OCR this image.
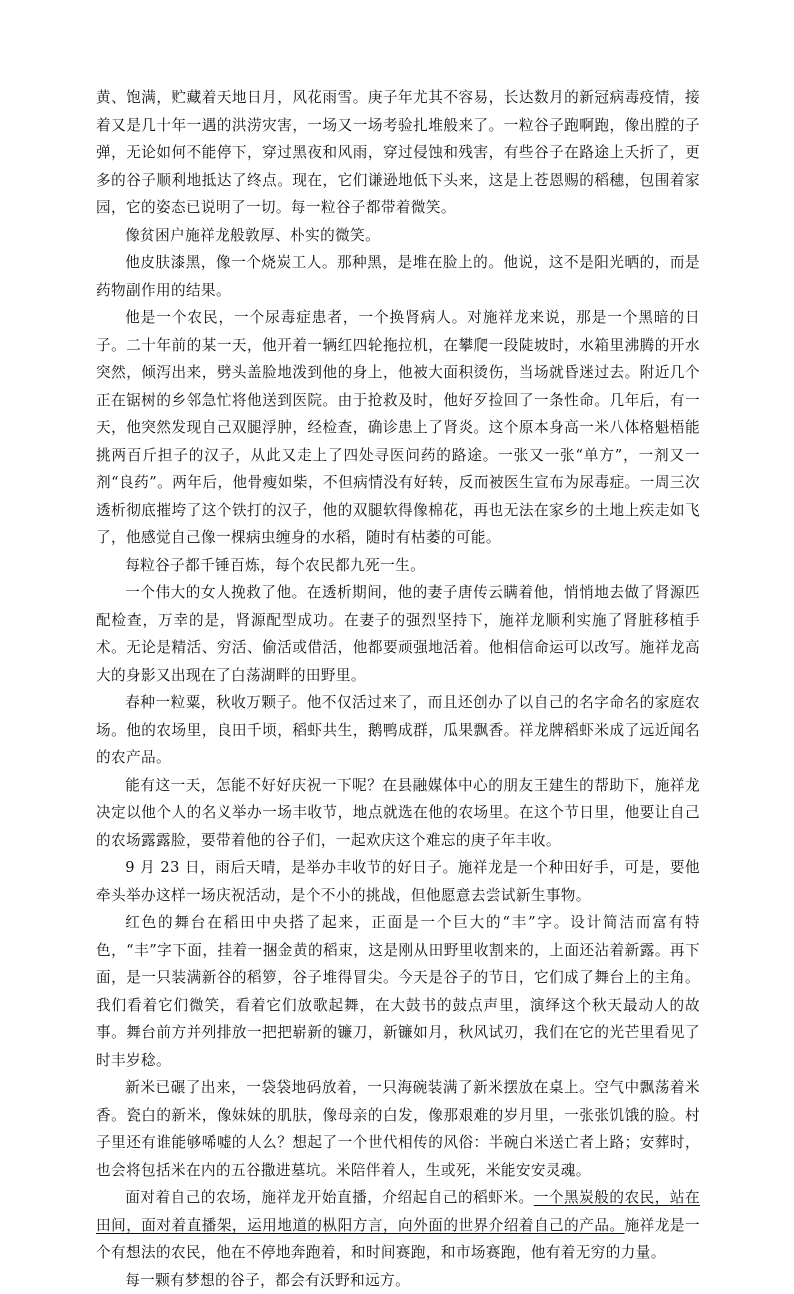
黄、饱满，贮藏着天地日月，风花雨雪。庚子年尤其不容易，长达数月的新冠病毒疫情，接着又是几十年一遇的洪涝灾害，一场又一场考验扎堆般来了。一粒谷子跑啊跑，像出膛的子弹，无论如何不能停下，穿过黑夜和风雨，穿过侵蚀和残害，有些谷子在路途上夭折了，更多的谷子顺利地抵达了终点。现在，它们谦逊地低下头来，这是上苍恩赐的稻穗，包围着家园，它的姿态已说明了一切。每一粒谷子都带着微笑。

像贫困户施祥龙般敦厚、朴实的微笑。

他皮肤漆黑，像一个烧炭工人。那种黑，是堆在脸上的。他说，这不是阳光晒的，而是药物副作用的结果。

他是一个农民，一个尿毒症患者，一个换肾病人。对施祥龙来说，那是一个黑暗的日子。二十年前的某一天，他开着一辆红四轮拖拉机，在攀爬一段陡坡时，水箱里沸腾的开水突然，倾泻出来，劈头盖脸地泼到他的身上，他被大面积烫伤，当场就昏迷过去。附近几个正在锯树的乡邻急忙将他送到医院。由于抢救及时，他好歹捡回了一条性命。几年后，有一天，他突然发现自己双腿浮肿，经检查，确诊患上了肾炎。这个原本身高一米八体格魁梧能挑两百斤担子的汉子，从此又走上了四处寻医问药的路途。一张又一张“单方”，一剂又一剂“良药”。两年后，他骨瘦如柴，不但病情没有好转，反而被医生宣布为尿毒症。一周三次透析彻底摧垮了这个铁打的汉子，他的双腿软得像棉花，再也无法在家乡的土地上疾走如飞了，他感觉自己像一棵病虫缠身的水稻，随时有枯萎的可能。

每粒谷子都千锤百炼，每个农民都九死一生。

一个伟大的女人挽救了他。在透析期间，他的妻子唐传云瞒着他，悄悄地去做了肾源匹配检查，万幸的是，肾源配型成功。在妻子的强烈坚持下，施祥龙顺利实施了肾脏移植手术。无论是精活、穷活、偷活或借活，他都要顽强地活着。他相信命运可以改写。施祥龙高大的身影又出现在了白荡湖畔的田野里。

春种一粒粟，秋收万颗子。他不仅活过来了，而且还创办了以自己的名字命名的家庭农场。他的农场里，良田千顷，稻虾共生，鹅鸭成群，瓜果飘香。祥龙牌稻虾米成了远近闻名的农产品。

能有这一天，怎能不好好庆祝一下呢？在县融媒体中心的朋友王建生的帮助下，施祥龙决定以他个人的名义举办一场丰收节，地点就选在他的农场里。在这个节日里，他要让自己的农场露露脸，要带着他的谷子们，一起欢庆这个难忘的庚子年丰收。

9 月 23 日，雨后天晴，是举办丰收节的好日子。施祥龙是一个种田好手，可是，要他牵头举办这样一场庆祝活动，是个不小的挑战，但他愿意去尝试新生事物。

红色的舞台在稻田中央搭了起来，正面是一个巨大的“丰”字。设计简洁而富有特色，“丰”字下面，挂着一捆金黄的稻束，这是刚从田野里收割来的，上面还沾着新露。再下面，是一只装满新谷的稻箩，谷子堆得冒尖。今天是谷子的节日，它们成了舞台上的主角。我们看着它们微笑，看着它们放歌起舞，在大鼓书的鼓点声里，演绎这个秋天最动人的故事。舞台前方并列排放一把把崭新的镰刀，新镰如月，秋风试刃，我们在它的光芒里看见了时丰岁稔。

新米已碾了出来，一袋袋地码放着，一只海碗装满了新米摆放在桌上。空气中飘荡着米香。瓷白的新米，像妹妹的肌肤，像母亲的白发，像那艰难的岁月里，一张张饥饿的脸。村子里还有谁能够唏嘘的人么？想起了一个世代相传的风俗：半碗白米送亡者上路；安葬时，也会将包括米在内的五谷撒进墓坑。米陪伴着人，生或死，米能安安灵魂。

面对着自己的农场，施祥龙开始直播，介绍起自己的稻虾米。一个黑炭般的农民，站在田间，面对着直播架，运用地道的枞阳方言，向外面的世界介绍着自己的产品。施祥龙是一个有想法的农民，他在不停地奔跑着，和时间赛跑，和市场赛跑，他有着无穷的力量。

每一颗有梦想的谷子，都会有沃野和远方。
